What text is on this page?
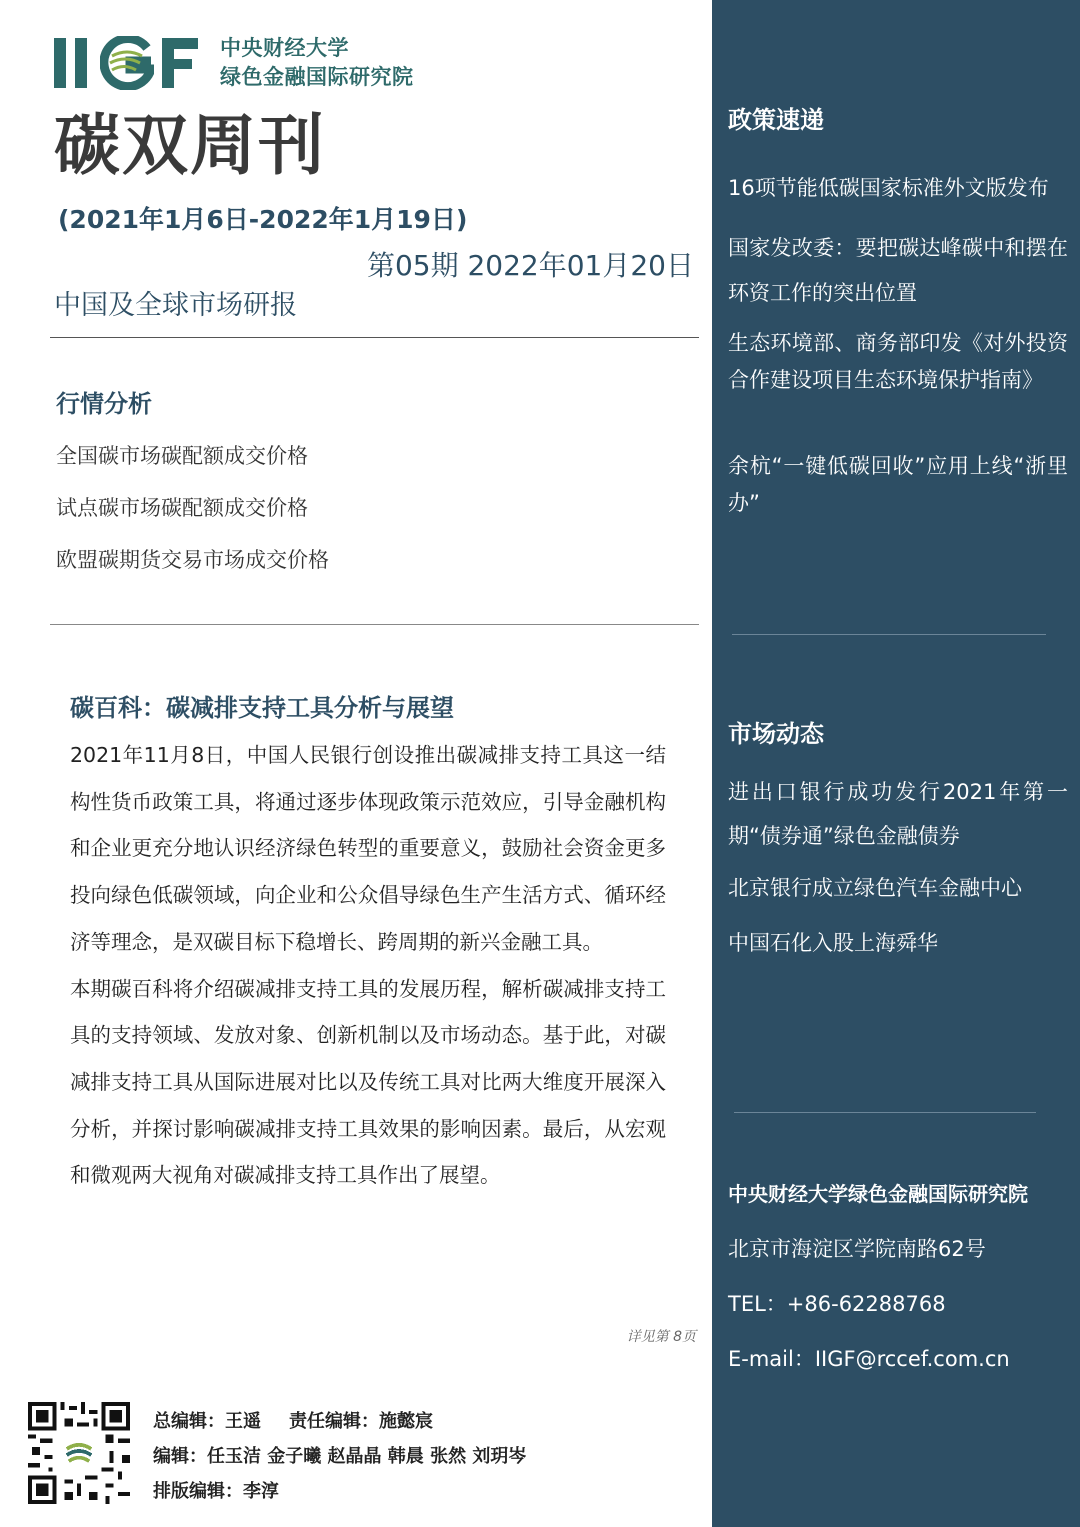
中央财经大学
绿色金融国际研究院
碳双周刊
(2021年1月6日-2022年1月19日)
第05期 2022年01月20日
中国及全球市场研报
行情分析
全国碳市场碳配额成交价格
试点碳市场碳配额成交价格
欧盟碳期货交易市场成交价格
碳百科：碳减排支持工具分析与展望

2021年11月8日，中国人民银行创设推出碳减排支持工具这一结构性货币政策工具，将通过逐步体现政策示范效应，引导金融机构和企业更充分地认识经济绿色转型的重要意义，鼓励社会资金更多投向绿色低碳领域，向企业和公众倡导绿色生产生活方式、循环经济等理念，是双碳目标下稳增长、跨周期的新兴金融工具。

本期碳百科将介绍碳减排支持工具的发展历程，解析碳减排支持工具的支持领域、发放对象、创新机制以及市场动态。基于此，对碳减排支持工具从国际进展对比以及传统工具对比两大维度开展深入分析，并探讨影响碳减排支持工具效果的影响因素。最后，从宏观和微观两大视角对碳减排支持工具作出了展望。

详见第 8页
总编辑：王遥 责任编辑：施懿宸
编辑：任玉洁 金子曦 赵晶晶 韩晨 张然 刘玥岑
排版编辑：李淳
政策速递
16项节能低碳国家标准外文版发布
国家发改委：要把碳达峰碳中和摆在环资工作的突出位置
生态环境部、商务部印发《对外投资合作建设项目生态环境保护指南》
余杭“一键低碳回收”应用上线“浙里办”
市场动态
进出口银行成功发行2021年第一期“债券通”绿色金融债券
北京银行成立绿色汽车金融中心
中国石化入股上海舜华
中央财经大学绿色金融国际研究院
北京市海淀区学院南路62号
TEL：+86-62288768
E-mail：IIGF@rccef.com.cn
